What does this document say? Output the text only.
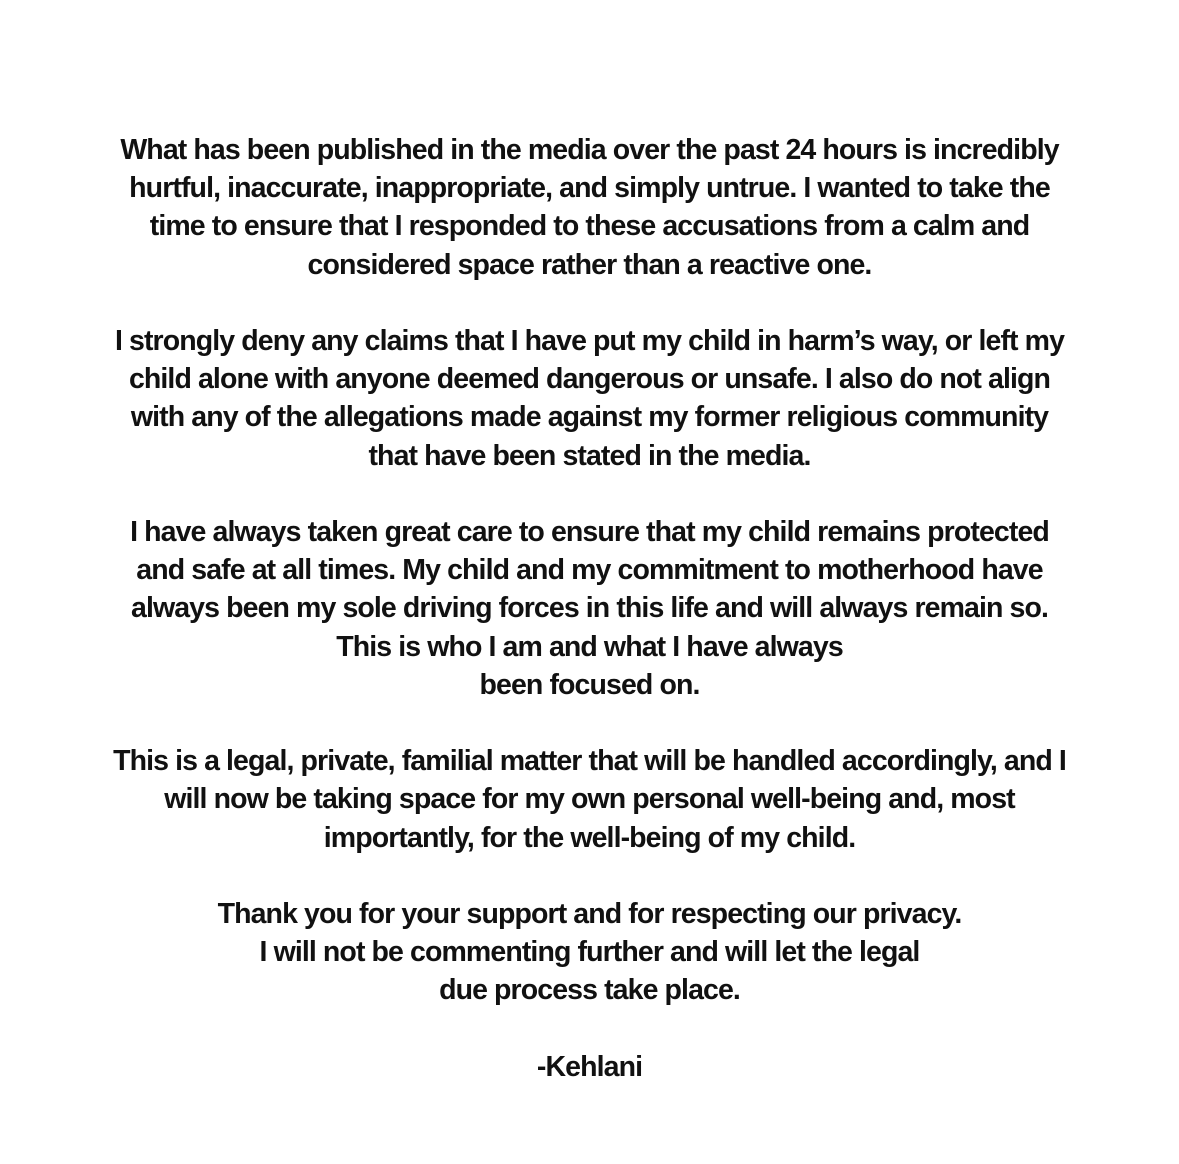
What has been published in the media over the past 24 hours is incredibly
hurtful, inaccurate, inappropriate, and simply untrue. I wanted to take the
time to ensure that I responded to these accusations from a calm and
considered space rather than a reactive one.

I strongly deny any claims that I have put my child in harm’s way, or left my
child alone with anyone deemed dangerous or unsafe. I also do not align
with any of the allegations made against my former religious community
that have been stated in the media.

I have always taken great care to ensure that my child remains protected
and safe at all times. My child and my commitment to motherhood have
always been my sole driving forces in this life and will always remain so.
This is who I am and what I have always
been focused on.

This is a legal, private, familial matter that will be handled accordingly, and I
will now be taking space for my own personal well-being and, most
importantly, for the well-being of my child.

Thank you for your support and for respecting our privacy.
I will not be commenting further and will let the legal
due process take place.

-Kehlani
